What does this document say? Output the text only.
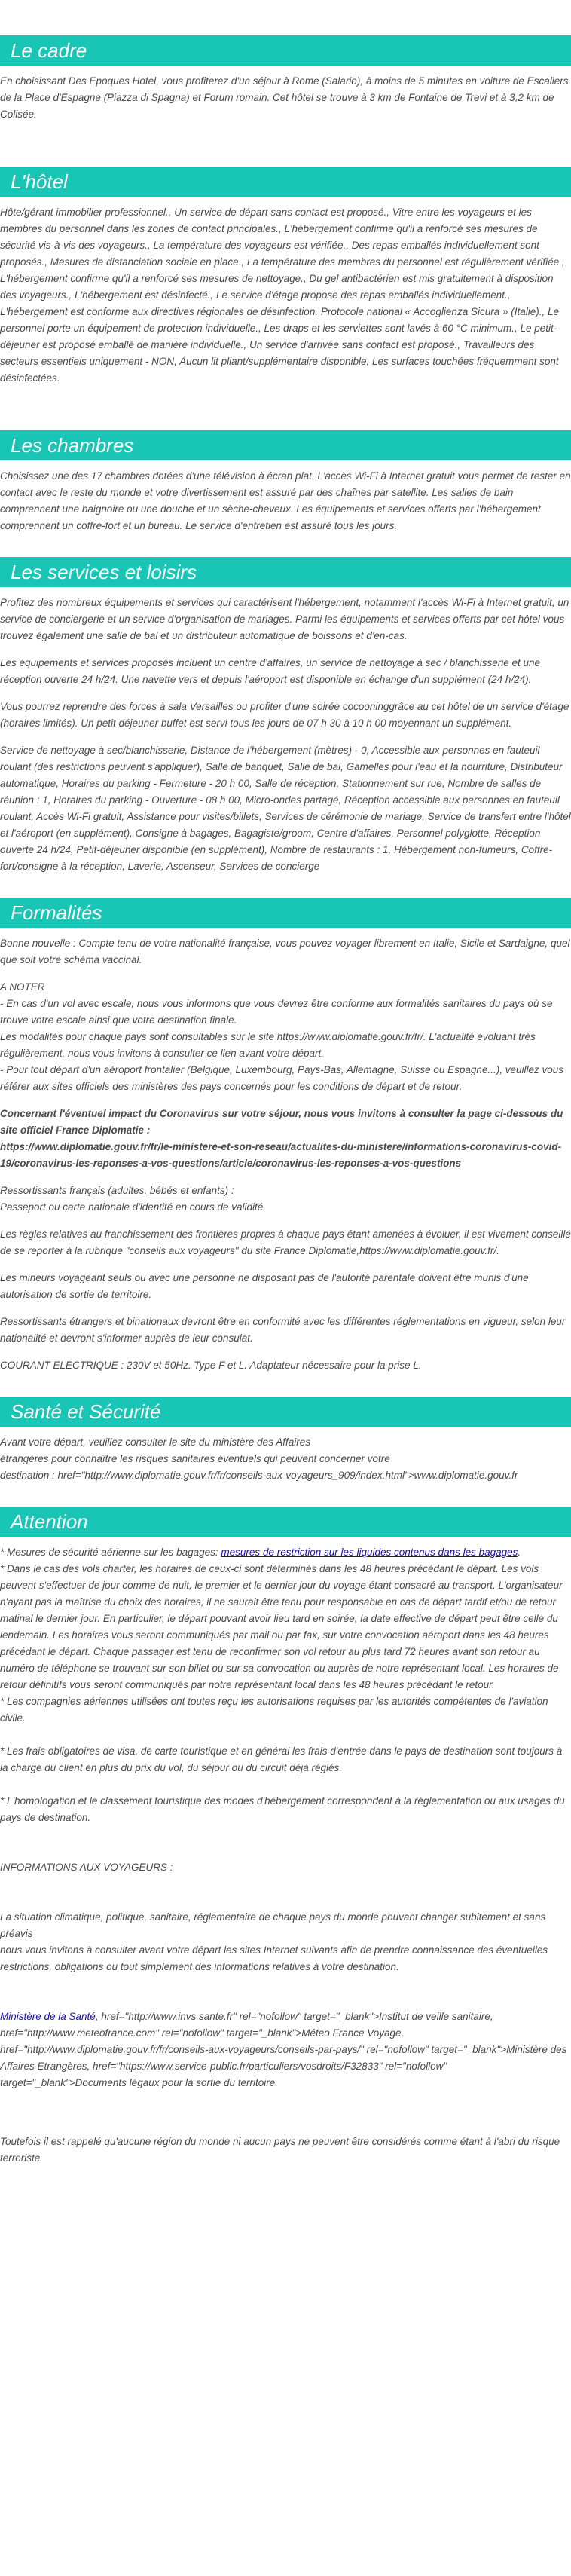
Le cadre

En choisissant Des Epoques Hotel, vous profiterez d'un séjour à Rome (Salario), à moins de 5 minutes en voiture de Escaliers de la Place d'Espagne (Piazza di Spagna) et Forum romain. Cet hôtel se trouve à 3 km de Fontaine de Trevi et à 3,2 km de Colisée.

L'hôtel

Hôte/gérant immobilier professionnel., Un service de départ sans contact est proposé., Vitre entre les voyageurs et les membres du personnel dans les zones de contact principales., L'hébergement confirme qu'il a renforcé ses mesures de sécurité vis-à-vis des voyageurs., La température des voyageurs est vérifiée., Des repas emballés individuellement sont proposés., Mesures de distanciation sociale en place., La température des membres du personnel est régulièrement vérifiée., L'hébergement confirme qu'il a renforcé ses mesures de nettoyage., Du gel antibactérien est mis gratuitement à disposition des voyageurs., L'hébergement est désinfecté., Le service d'étage propose des repas emballés individuellement., L'hébergement est conforme aux directives régionales de désinfection. Protocole national « Accoglienza Sicura » (Italie)., Le personnel porte un équipement de protection individuelle., Les draps et les serviettes sont lavés à 60 °C minimum., Le petit-déjeuner est proposé emballé de manière individuelle., Un service d'arrivée sans contact est proposé., Travailleurs des secteurs essentiels uniquement - NON, Aucun lit pliant/supplémentaire disponible, Les surfaces touchées fréquemment sont désinfectées.

Les chambres

Choisissez une des 17 chambres dotées d'une télévision à écran plat. L'accès Wi-Fi à Internet gratuit vous permet de rester en contact avec le reste du monde et votre divertissement est assuré par des chaînes par satellite. Les salles de bain comprennent une baignoire ou une douche et un sèche-cheveux. Les équipements et services offerts par l'hébergement comprennent un coffre-fort et un bureau. Le service d'entretien est assuré tous les jours.

Les services et loisirs

Profitez des nombreux équipements et services qui caractérisent l'hébergement, notamment l'accès Wi-Fi à Internet gratuit, un service de conciergerie et un service d'organisation de mariages. Parmi les équipements et services offerts par cet hôtel vous trouvez également une salle de bal et un distributeur automatique de boissons et d'en-cas.

Les équipements et services proposés incluent un centre d'affaires, un service de nettoyage à sec / blanchisserie et une réception ouverte 24 h/24. Une navette vers et depuis l'aéroport est disponible en échange d'un supplément (24 h/24).

Vous pourrez reprendre des forces à sala Versailles ou profiter d'une soirée cocooninggrâce au cet hôtel de un service d'étage (horaires limités). Un petit déjeuner buffet est servi tous les jours de 07 h 30 à 10 h 00 moyennant un supplément.

Service de nettoyage à sec/blanchisserie, Distance de l'hébergement (mètres) - 0, Accessible aux personnes en fauteuil roulant (des restrictions peuvent s'appliquer), Salle de banquet, Salle de bal, Gamelles pour l'eau et la nourriture, Distributeur automatique, Horaires du parking - Fermeture - 20 h 00, Salle de réception, Stationnement sur rue, Nombre de salles de réunion : 1, Horaires du parking - Ouverture - 08 h 00, Micro-ondes partagé, Réception accessible aux personnes en fauteuil roulant, Accès Wi-Fi gratuit, Assistance pour visites/billets, Services de cérémonie de mariage, Service de transfert entre l'hôtel et l'aéroport (en supplément), Consigne à bagages, Bagagiste/groom, Centre d'affaires, Personnel polyglotte, Réception ouverte 24 h/24, Petit-déjeuner disponible (en supplément), Nombre de restaurants : 1, Hébergement non-fumeurs, Coffre-fort/consigne à la réception, Laverie, Ascenseur, Services de concierge

Formalités

Bonne nouvelle : Compte tenu de votre nationalité française, vous pouvez voyager librement en Italie, Sicile et Sardaigne, quel que soit votre schéma vaccinal.

A NOTER
- En cas d'un vol avec escale, nous vous informons que vous devrez être conforme aux formalités sanitaires du pays où se trouve votre escale ainsi que votre destination finale.
Les modalités pour chaque pays sont consultables sur le site https://www.diplomatie.gouv.fr/fr/. L'actualité évoluant très régulièrement, nous vous invitons à consulter ce lien avant votre départ.
- Pour tout départ d'un aéroport frontalier (Belgique, Luxembourg, Pays-Bas, Allemagne, Suisse ou Espagne...), veuillez vous référer aux sites officiels des ministères des pays concernés pour les conditions de départ et de retour.

Concernant l'éventuel impact du Coronavirus sur votre séjour, nous vous invitons à consulter la page ci-dessous du site officiel France Diplomatie :
https://www.diplomatie.gouv.fr/fr/le-ministere-et-son-reseau/actualites-du-ministere/informations-coronavirus-covid-19/coronavirus-les-reponses-a-vos-questions/article/coronavirus-les-reponses-a-vos-questions

Ressortissants français (adultes, bébés et enfants) :
Passeport ou carte nationale d'identité en cours de validité.

Les règles relatives au franchissement des frontières propres à chaque pays étant amenées à évoluer, il est vivement conseillé de se reporter à la rubrique "conseils aux voyageurs" du site France Diplomatie,https://www.diplomatie.gouv.fr/.

Les mineurs voyageant seuls ou avec une personne ne disposant pas de l'autorité parentale doivent être munis d'une autorisation de sortie de territoire.

Ressortissants étrangers et binationaux devront être en conformité avec les différentes réglementations en vigueur, selon leur nationalité et devront s'informer auprès de leur consulat.

COURANT ELECTRIQUE : 230V et 50Hz. Type F et L. Adaptateur nécessaire pour la prise L.

Santé et Sécurité

Avant votre départ, veuillez consulter le site du ministère des Affaires
étrangères pour connaître les risques sanitaires éventuels qui peuvent concerner votre
destination : href="http://www.diplomatie.gouv.fr/fr/conseils-aux-voyageurs_909/index.html">www.diplomatie.gouv.fr

Attention

* Mesures de sécurité aérienne sur les bagages: mesures de restriction sur les liquides contenus dans les bagages.

* Dans le cas des vols charter, les horaires de ceux-ci sont déterminés dans les 48 heures précédant le départ. Les vols peuvent s'effectuer de jour comme de nuit, le premier et le dernier jour du voyage étant consacré au transport. L'organisateur n'ayant pas la maîtrise du choix des horaires, il ne saurait être tenu pour responsable en cas de départ tardif et/ou de retour matinal le dernier jour. En particulier, le départ pouvant avoir lieu tard en soirée, la date effective de départ peut être celle du lendemain. Les horaires vous seront communiqués par mail ou par fax, sur votre convocation aéroport dans les 48 heures précédant le départ. Chaque passager est tenu de reconfirmer son vol retour au plus tard 72 heures avant son retour au numéro de téléphone se trouvant sur son billet ou sur sa convocation ou auprès de notre représentant local. Les horaires de retour définitifs vous seront communiqués par notre représentant local dans les 48 heures précédant le retour.

* Les compagnies aériennes utilisées ont toutes reçu les autorisations requises par les autorités compétentes de l'aviation civile.

* Les frais obligatoires de visa, de carte touristique et en général les frais d'entrée dans le pays de destination sont toujours à la charge du client en plus du prix du vol, du séjour ou du circuit déjà réglés.

* L'homologation et le classement touristique des modes d'hébergement correspondent à la réglementation ou aux usages du pays de destination.

INFORMATIONS AUX VOYAGEURS :

La situation climatique, politique, sanitaire, réglementaire de chaque pays du monde pouvant changer subitement et sans préavis
nous vous invitons à consulter avant votre départ les sites Internet suivants afin de prendre connaissance des éventuelles restrictions, obligations ou tout simplement des informations relatives à votre destination.

Ministère de la Santé, href="http://www.invs.sante.fr" rel="nofollow" target="_blank">Institut de veille sanitaire, href="http://www.meteofrance.com" rel="nofollow" target="_blank">Méteo France Voyage, href="http://www.diplomatie.gouv.fr/fr/conseils-aux-voyageurs/conseils-par-pays/" rel="nofollow" target="_blank">Ministère des Affaires Etrangères, href="https://www.service-public.fr/particuliers/vosdroits/F32833" rel="nofollow" target="_blank">Documents légaux pour la sortie du territoire.

Toutefois il est rappelé qu'aucune région du monde ni aucun pays ne peuvent être considérés comme étant à l'abri du risque terroriste.
